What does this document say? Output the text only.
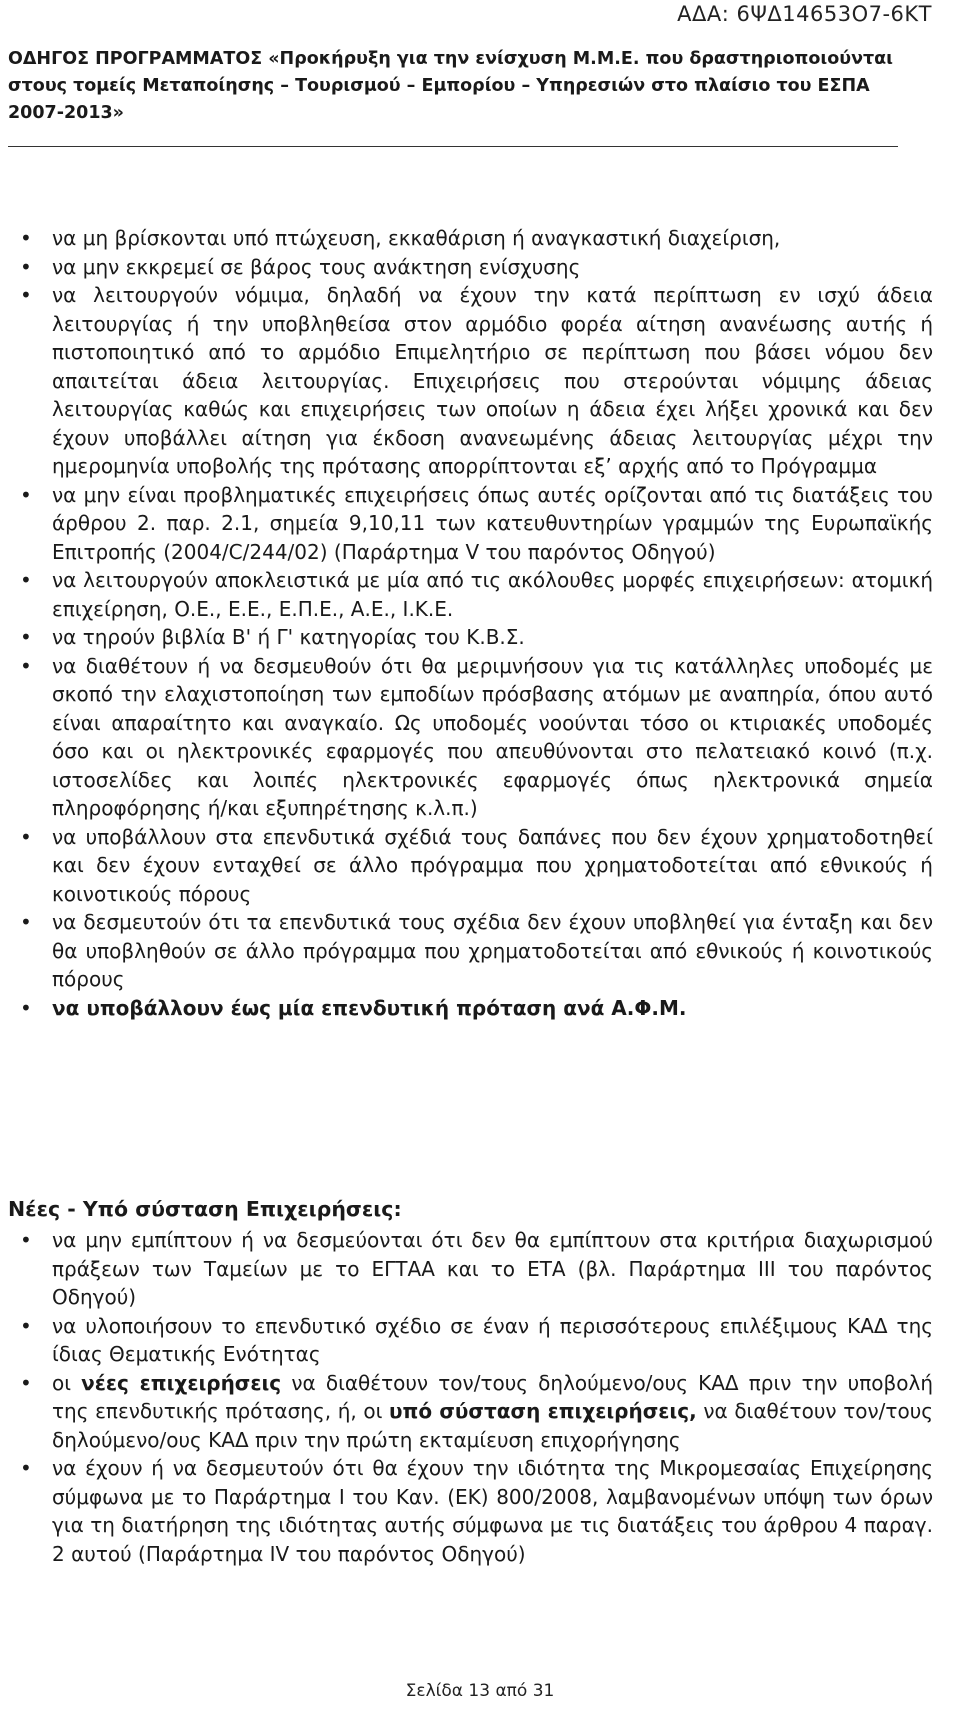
ΑΔΑ: 6ΨΔ14653Ο7-6ΚΤ
ΟΔΗΓΟΣ ΠΡΟΓΡΑΜΜΑΤΟΣ «Προκήρυξη για την ενίσχυση Μ.Μ.Ε. που δραστηριοποιούνται στους τομείς Μεταποίησης – Τουρισμού – Εμπορίου – Υπηρεσιών στο πλαίσιο του ΕΣΠΑ 2007-2013»
• να μη βρίσκονται υπό πτώχευση, εκκαθάριση ή αναγκαστική διαχείριση,
• να μην εκκρεμεί σε βάρος τους ανάκτηση ενίσχυσης
• να λειτουργούν νόμιμα, δηλαδή να έχουν την κατά περίπτωση εν ισχύ άδεια λειτουργίας ή την υποβληθείσα στον αρμόδιο φορέα αίτηση ανανέωσης αυτής ή πιστοποιητικό από το αρμόδιο Επιμελητήριο σε περίπτωση που βάσει νόμου δεν απαιτείται άδεια λειτουργίας. Επιχειρήσεις που στερούνται νόμιμης άδειας λειτουργίας καθώς και επιχειρήσεις των οποίων η άδεια έχει λήξει χρονικά και δεν έχουν υποβάλλει αίτηση για έκδοση ανανεωμένης άδειας λειτουργίας μέχρι την ημερομηνία υποβολής της πρότασης απορρίπτονται εξ’ αρχής από το Πρόγραμμα
• να μην είναι προβληματικές επιχειρήσεις όπως αυτές ορίζονται από τις διατάξεις του άρθρου 2. παρ. 2.1, σημεία 9,10,11 των κατευθυντηρίων γραμμών της Ευρωπαϊκής Επιτροπής (2004/C/244/02) (Παράρτημα V του παρόντος Οδηγού)
• να λειτουργούν αποκλειστικά με μία από τις ακόλουθες μορφές επιχειρήσεων: ατομική επιχείρηση, Ο.Ε., Ε.Ε., Ε.Π.Ε., Α.Ε., Ι.Κ.Ε.
• να τηρούν βιβλία Β' ή Γ' κατηγορίας του Κ.Β.Σ.
• να διαθέτουν ή να δεσμευθούν ότι θα μεριμνήσουν για τις κατάλληλες υποδομές με σκοπό την ελαχιστοποίηση των εμποδίων πρόσβασης ατόμων με αναπηρία, όπου αυτό είναι απαραίτητο και αναγκαίο. Ως υποδομές νοούνται τόσο οι κτιριακές υποδομές όσο και οι ηλεκτρονικές εφαρμογές που απευθύνονται στο πελατειακό κοινό (π.χ. ιστοσελίδες και λοιπές ηλεκτρονικές εφαρμογές όπως ηλεκτρονικά σημεία πληροφόρησης ή/και εξυπηρέτησης κ.λ.π.)
• να υποβάλλουν στα επενδυτικά σχέδιά τους δαπάνες που δεν έχουν χρηματοδοτηθεί και δεν έχουν ενταχθεί σε άλλο πρόγραμμα που χρηματοδοτείται από εθνικούς ή κοινοτικούς πόρους
• να δεσμευτούν ότι τα επενδυτικά τους σχέδια δεν έχουν υποβληθεί για ένταξη και δεν θα υποβληθούν σε άλλο πρόγραμμα που χρηματοδοτείται από εθνικούς ή κοινοτικούς πόρους
• να υποβάλλουν έως μία επενδυτική πρόταση ανά Α.Φ.Μ.
Νέες - Υπό σύσταση Επιχειρήσεις:
• να μην εμπίπτουν ή να δεσμεύονται ότι δεν θα εμπίπτουν στα κριτήρια διαχωρισμού πράξεων των Ταμείων με το ΕΓΤΑΑ και το ΕΤΑ (βλ. Παράρτημα ΙΙΙ του παρόντος Οδηγού)
• να υλοποιήσουν το επενδυτικό σχέδιο σε έναν ή περισσότερους επιλέξιμους ΚΑΔ της ίδιας Θεματικής Ενότητας
• οι νέες επιχειρήσεις να διαθέτουν τον/τους δηλούμενο/ους ΚΑΔ πριν την υποβολή της επενδυτικής πρότασης, ή, οι υπό σύσταση επιχειρήσεις, να διαθέτουν τον/τους δηλούμενο/ους ΚΑΔ πριν την πρώτη εκταμίευση επιχορήγησης
• να έχουν ή να δεσμευτούν ότι θα έχουν την ιδιότητα της Μικρομεσαίας Επιχείρησης σύμφωνα με το Παράρτημα Ι του Καν. (ΕΚ) 800/2008, λαμβανομένων υπόψη των όρων για τη διατήρηση της ιδιότητας αυτής σύμφωνα με τις διατάξεις του άρθρου 4 παραγ. 2 αυτού (Παράρτημα IV του παρόντος Οδηγού)
Σελίδα 13 από 31
